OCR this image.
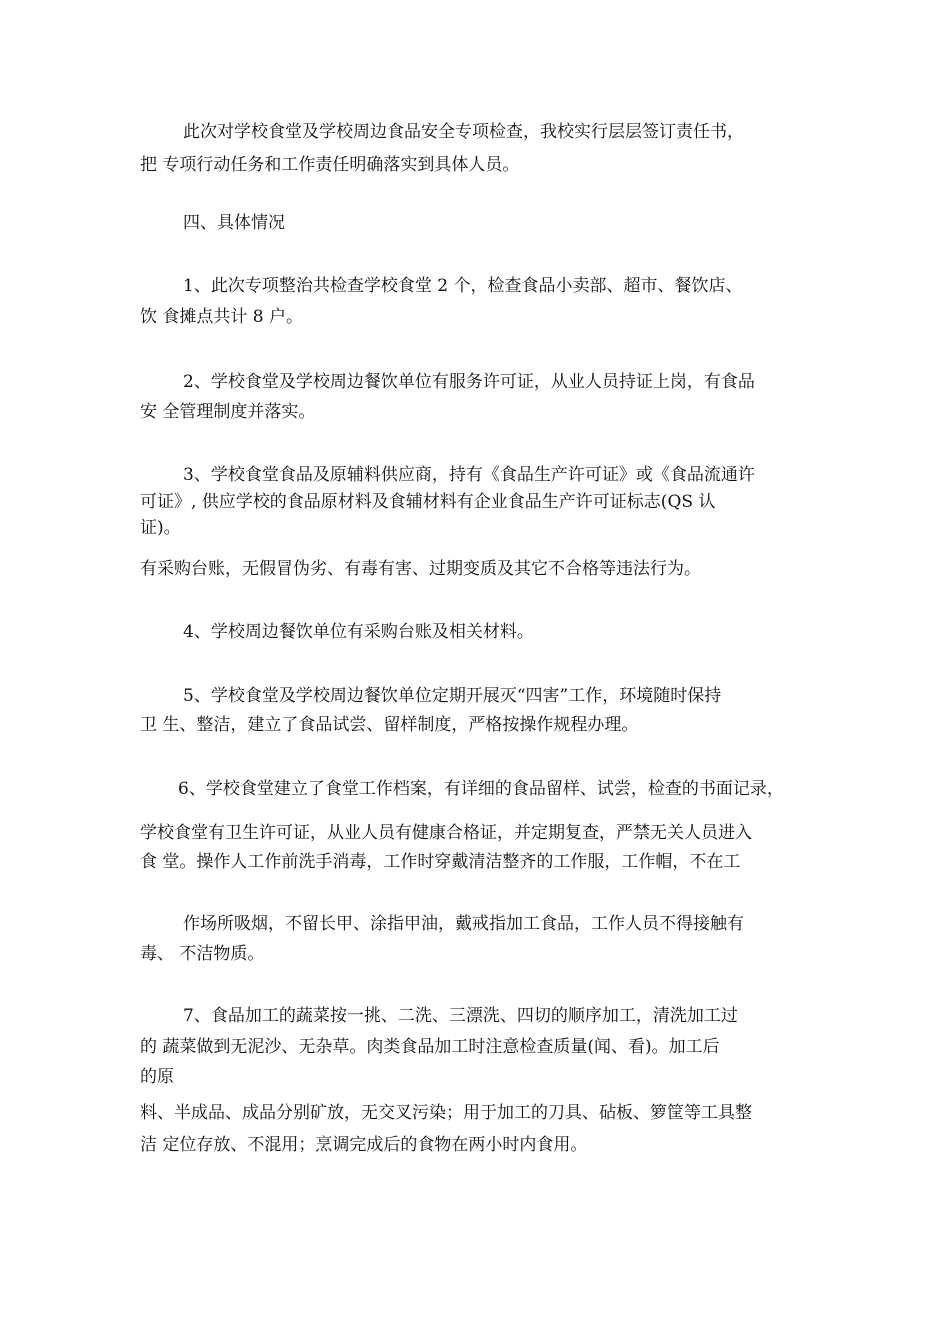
此次对学校食堂及学校周边食品安全专项检查，我校实行层层签订责任书，
把 专项行动任务和工作责任明确落实到具体人员。
四、具体情况
1、此次专项整治共检查学校食堂 2 个，检查食品小卖部、超市、餐饮店、
饮 食摊点共计 8 户。
2、学校食堂及学校周边餐饮单位有服务许可证，从业人员持证上岗，有食品
安 全管理制度并落实。
3、学校食堂食品及原辅料供应商，持有《食品生产许可证》或《食品流通许
可证》, 供应学校的食品原材料及食辅材料有企业食品生产许可证标志(QS 认
证)。
有采购台账，无假冒伪劣、有毒有害、过期变质及其它不合格等违法行为。
4、学校周边餐饮单位有采购台账及相关材料。
5、学校食堂及学校周边餐饮单位定期开展灭“四害”工作，环境随时保持
卫 生、整洁，建立了食品试尝、留样制度，严格按操作规程办理。
6、学校食堂建立了食堂工作档案，有详细的食品留样、试尝，检查的书面记录，
学校食堂有卫生许可证，从业人员有健康合格证，并定期复查，严禁无关人员进入
食 堂。操作人工作前洗手消毒，工作时穿戴清洁整齐的工作服，工作帽，不在工
作场所吸烟，不留长甲、涂指甲油，戴戒指加工食品，工作人员不得接触有
毒、 不洁物质。
7、食品加工的蔬菜按一挑、二洗、三漂洗、四切的顺序加工，清洗加工过
的 蔬菜做到无泥沙、无杂草。肉类食品加工时注意检查质量(闻、看)。加工后
的原
料、半成品、成品分别矿放，无交叉污染；用于加工的刀具、砧板、箩筐等工具整
洁 定位存放、不混用；烹调完成后的食物在两小时内食用。
